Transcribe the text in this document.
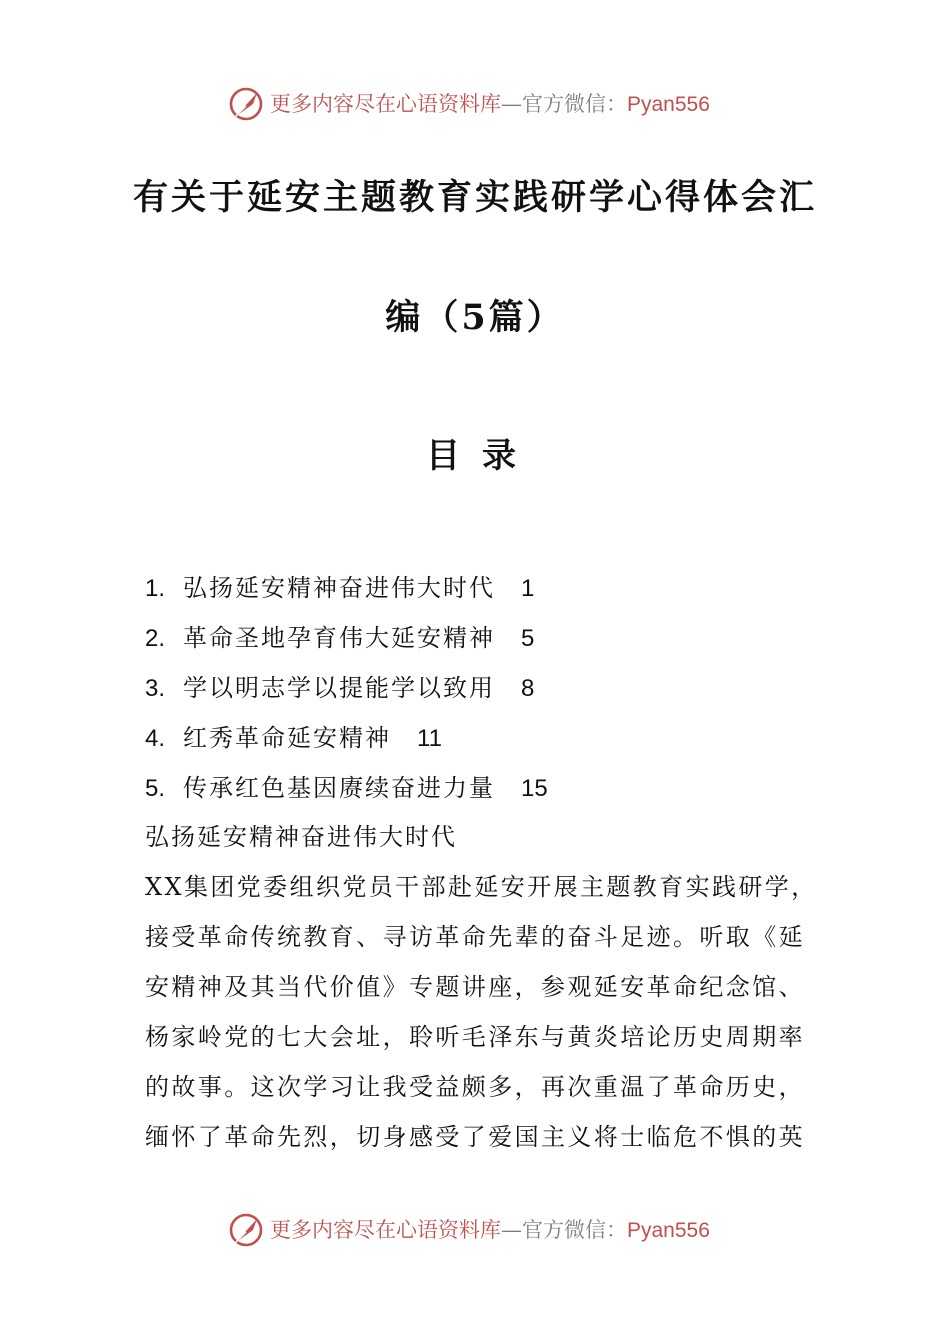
更多内容尽在心语资料库—官方微信：Pyan556
有关于延安主题教育实践研学心得体会汇
编（5篇）
目录
1. 弘扬延安精神奋进伟大时代 1
2. 革命圣地孕育伟大延安精神 5
3. 学以明志学以提能学以致用 8
4. 红秀革命延安精神 11
5. 传承红色基因赓续奋进力量 15
弘扬延安精神奋进伟大时代

XX集团党委组织党员干部赴延安开展主题教育实践研学，
接受革命传统教育、寻访革命先辈的奋斗足迹。听取《延
安精神及其当代价值》专题讲座，参观延安革命纪念馆、
杨家岭党的七大会址，聆听毛泽东与黄炎培论历史周期率
的故事。这次学习让我受益颇多，再次重温了革命历史，
缅怀了革命先烈，切身感受了爱国主义将士临危不惧的英

更多内容尽在心语资料库—官方微信：Pyan556
